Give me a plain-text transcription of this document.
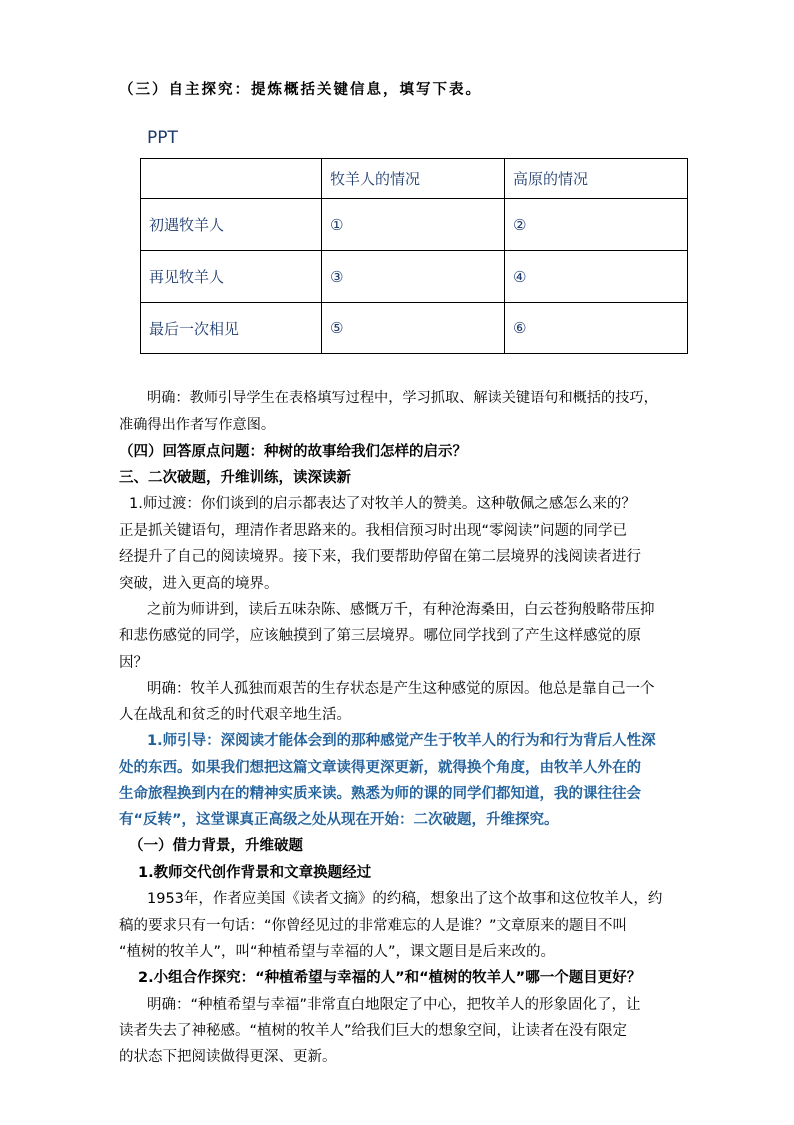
（三）自主探究：提炼概括关键信息，填写下表。
PPT
	牧羊人的情况	高原的情况
初遇牧羊人	①	②
再见牧羊人	③	④
最后一次相见	⑤	⑥
明确：教师引导学生在表格填写过程中，学习抓取、解读关键语句和概括的技巧，
准确得出作者写作意图。
（四）回答原点问题：种树的故事给我们怎样的启示？
三、二次破题，升维训练，读深读新
1.师过渡：你们谈到的启示都表达了对牧羊人的赞美。这种敬佩之感怎么来的？
正是抓关键语句，理清作者思路来的。我相信预习时出现“零阅读”问题的同学已
经提升了自己的阅读境界。接下来，我们要帮助停留在第二层境界的浅阅读者进行
突破，进入更高的境界。
之前为师讲到，读后五味杂陈、感慨万千，有种沧海桑田，白云苍狗般略带压抑
和悲伤感觉的同学，应该触摸到了第三层境界。哪位同学找到了产生这样感觉的原
因？
明确：牧羊人孤独而艰苦的生存状态是产生这种感觉的原因。他总是靠自己一个
人在战乱和贫乏的时代艰辛地生活。
1.师引导：深阅读才能体会到的那种感觉产生于牧羊人的行为和行为背后人性深
处的东西。如果我们想把这篇文章读得更深更新，就得换个角度，由牧羊人外在的
生命旅程换到内在的精神实质来读。熟悉为师的课的同学们都知道，我的课往往会
有“反转”，这堂课真正高级之处从现在开始：二次破题，升维探究。
（一）借力背景，升维破题
1.教师交代创作背景和文章换题经过
1953年，作者应美国《读者文摘》的约稿，想象出了这个故事和这位牧羊人，约
稿的要求只有一句话：“你曾经见过的非常难忘的人是谁？”文章原来的题目不叫
“植树的牧羊人”，叫“种植希望与幸福的人”，课文题目是后来改的。
2.小组合作探究：“种植希望与幸福的人”和“植树的牧羊人”哪一个题目更好？
明确：“种植希望与幸福”非常直白地限定了中心，把牧羊人的形象固化了，让
读者失去了神秘感。“植树的牧羊人”给我们巨大的想象空间，让读者在没有限定
的状态下把阅读做得更深、更新。
